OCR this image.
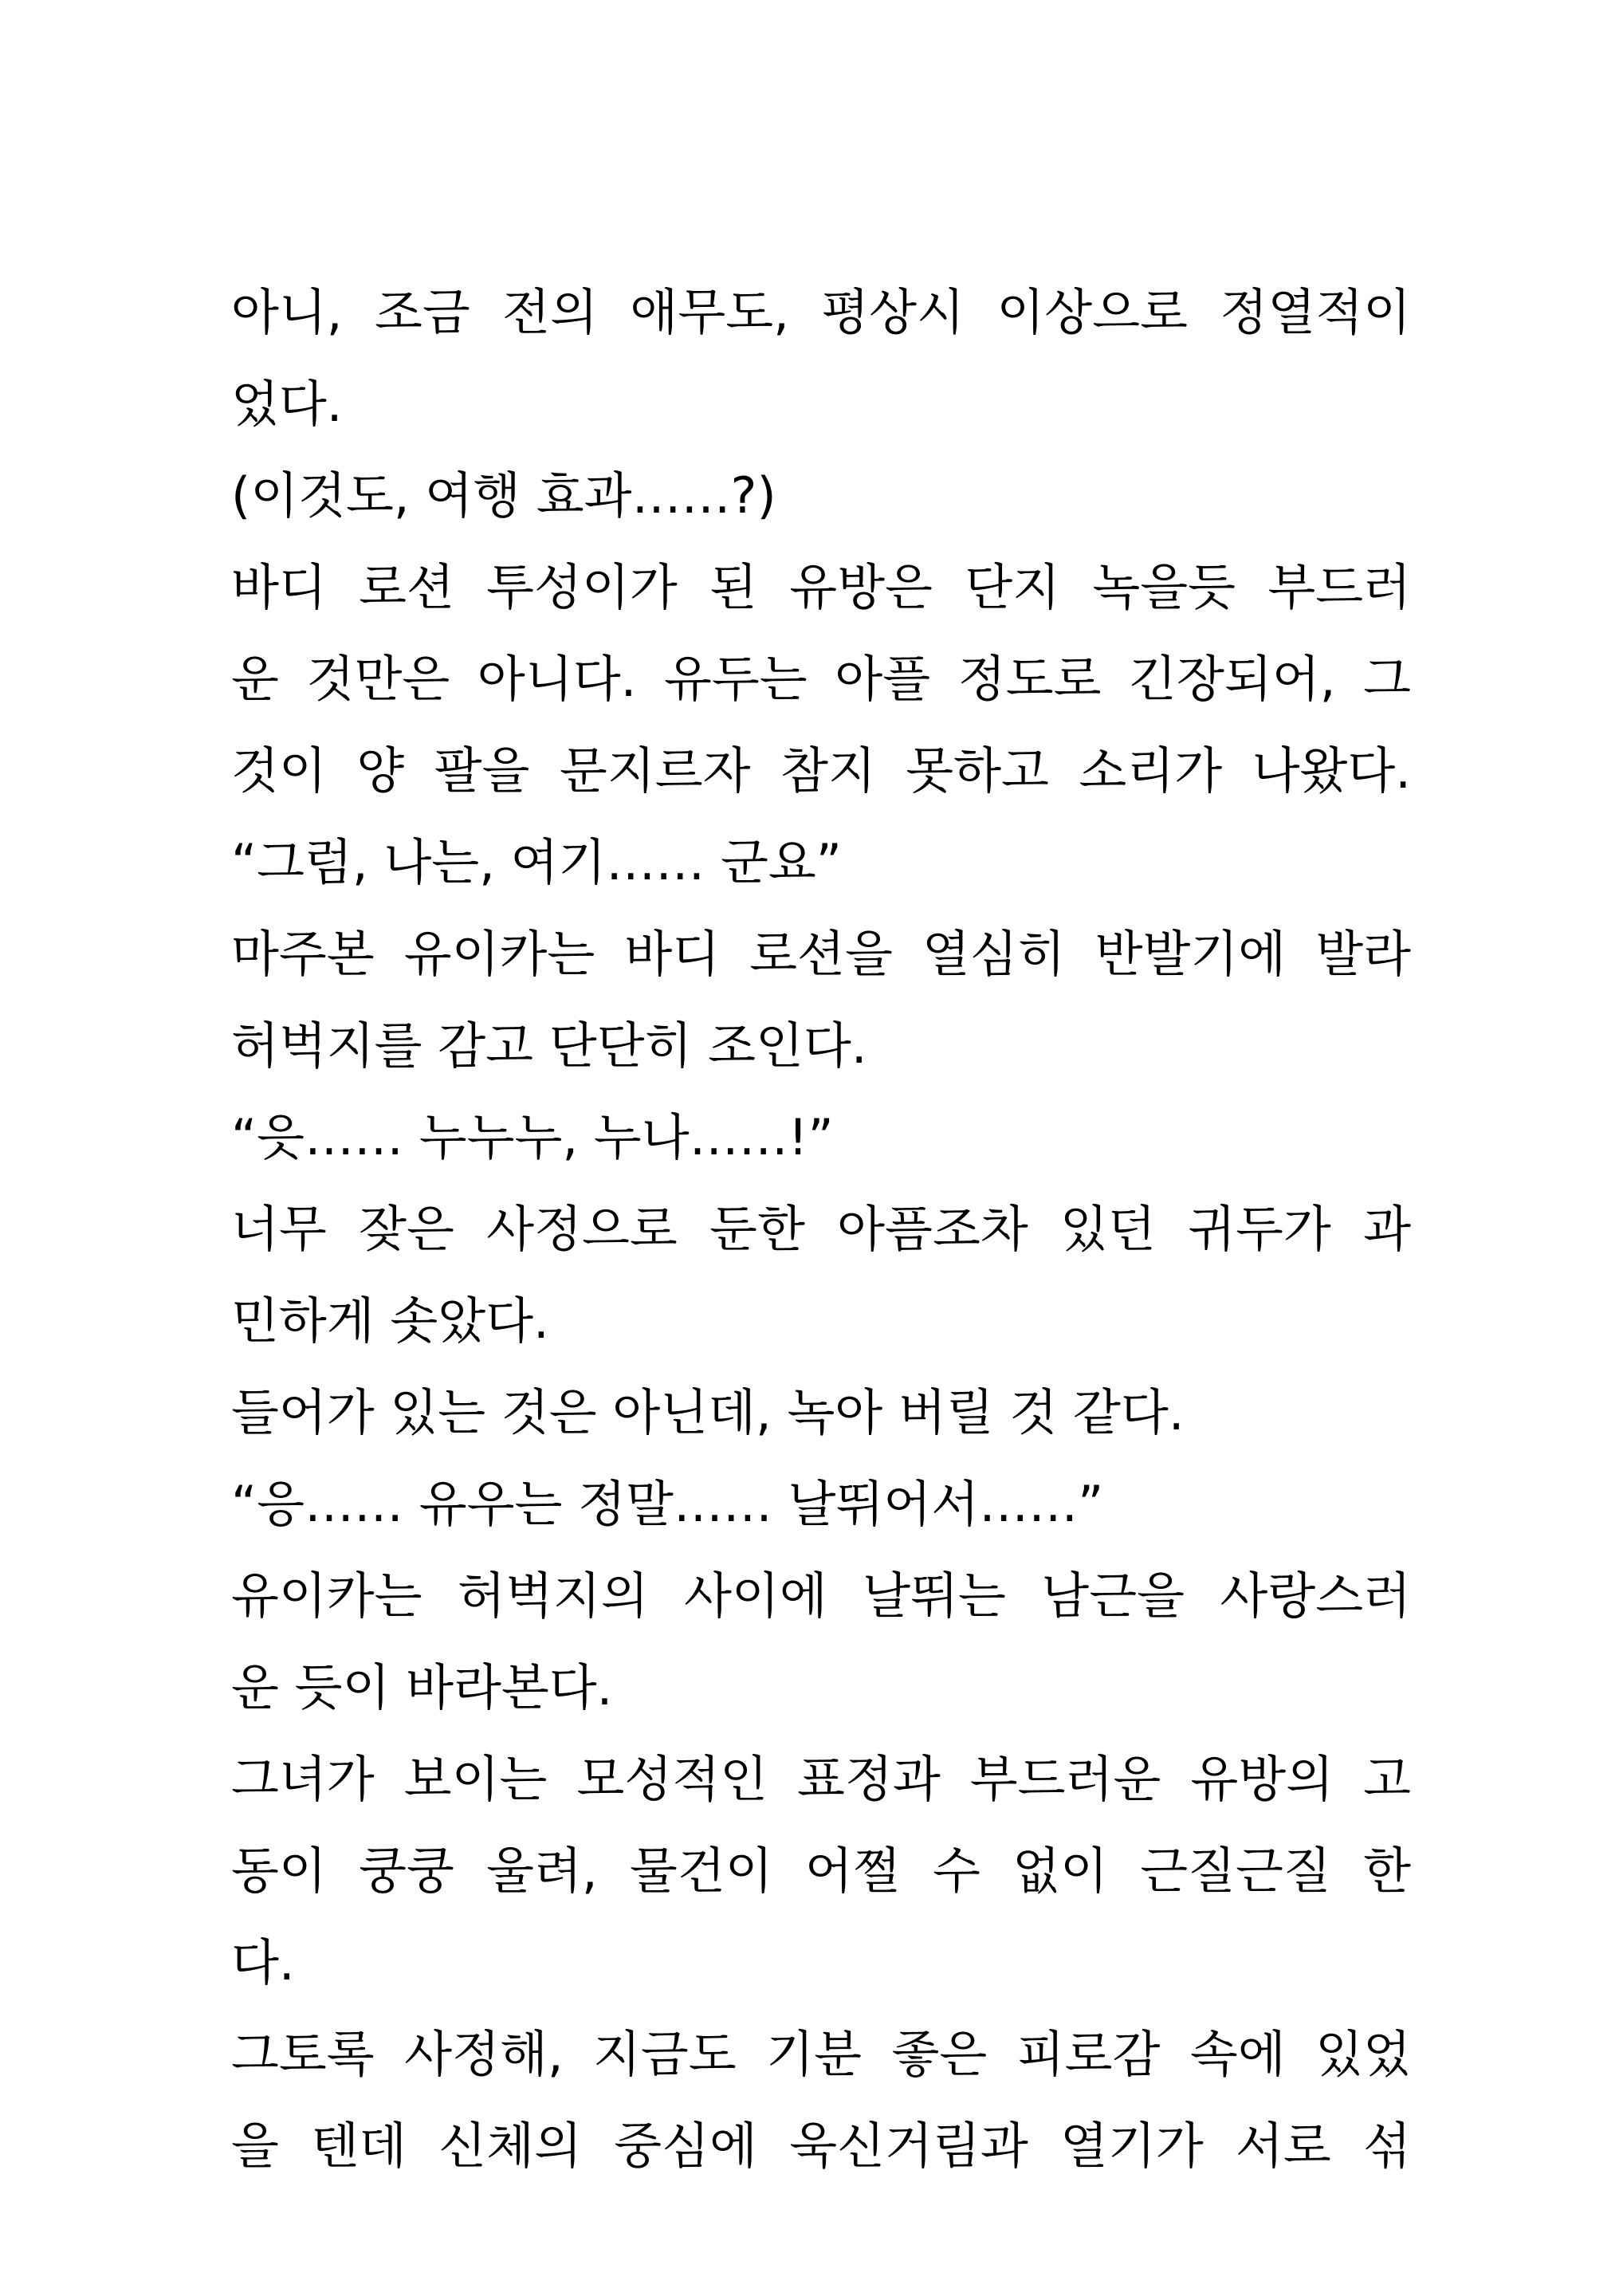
아니, 조금 전의 애무도, 평상시 이상으로 정열적이
었다.
(이것도, 여행 효과……?)
바디 로션 투성이가 된 유방은 단지 녹을듯 부드러
운 것만은 아니다. 유두는 아플 정도로 긴장되어, 그
것이 양 팔을 문지르자 참지 못하고 소리가 나왔다.
“그럼, 나는, 여기…… 군요”
마주본 유이카는 바디 로션을 열심히 반발기에 발라
허벅지를 감고 단단히 조인다.
“읏…… 누누누, 누나……!”
너무 잦은 사정으로 둔한 아픔조차 있던 귀두가 과
민하게 솟았다.
들어가 있는 것은 아닌데, 녹아 버릴 것 같다.
“응…… 유우는 정말…… 날뛰어서……”
유이카는 허벅지의 사이에 날뛰는 남근을 사랑스러
운 듯이 바라본다.
그녀가 보이는 모성적인 표정과 부드러운 유방의 고
동이 쿵쿵 울려, 물건이 어쩔 수 없이 근질근질 한
다.
그토록 사정해, 지금도 기분 좋은 피로감 속에 있었
을 텐데 신체의 중심에 욱신거림과 열기가 서로 섞
